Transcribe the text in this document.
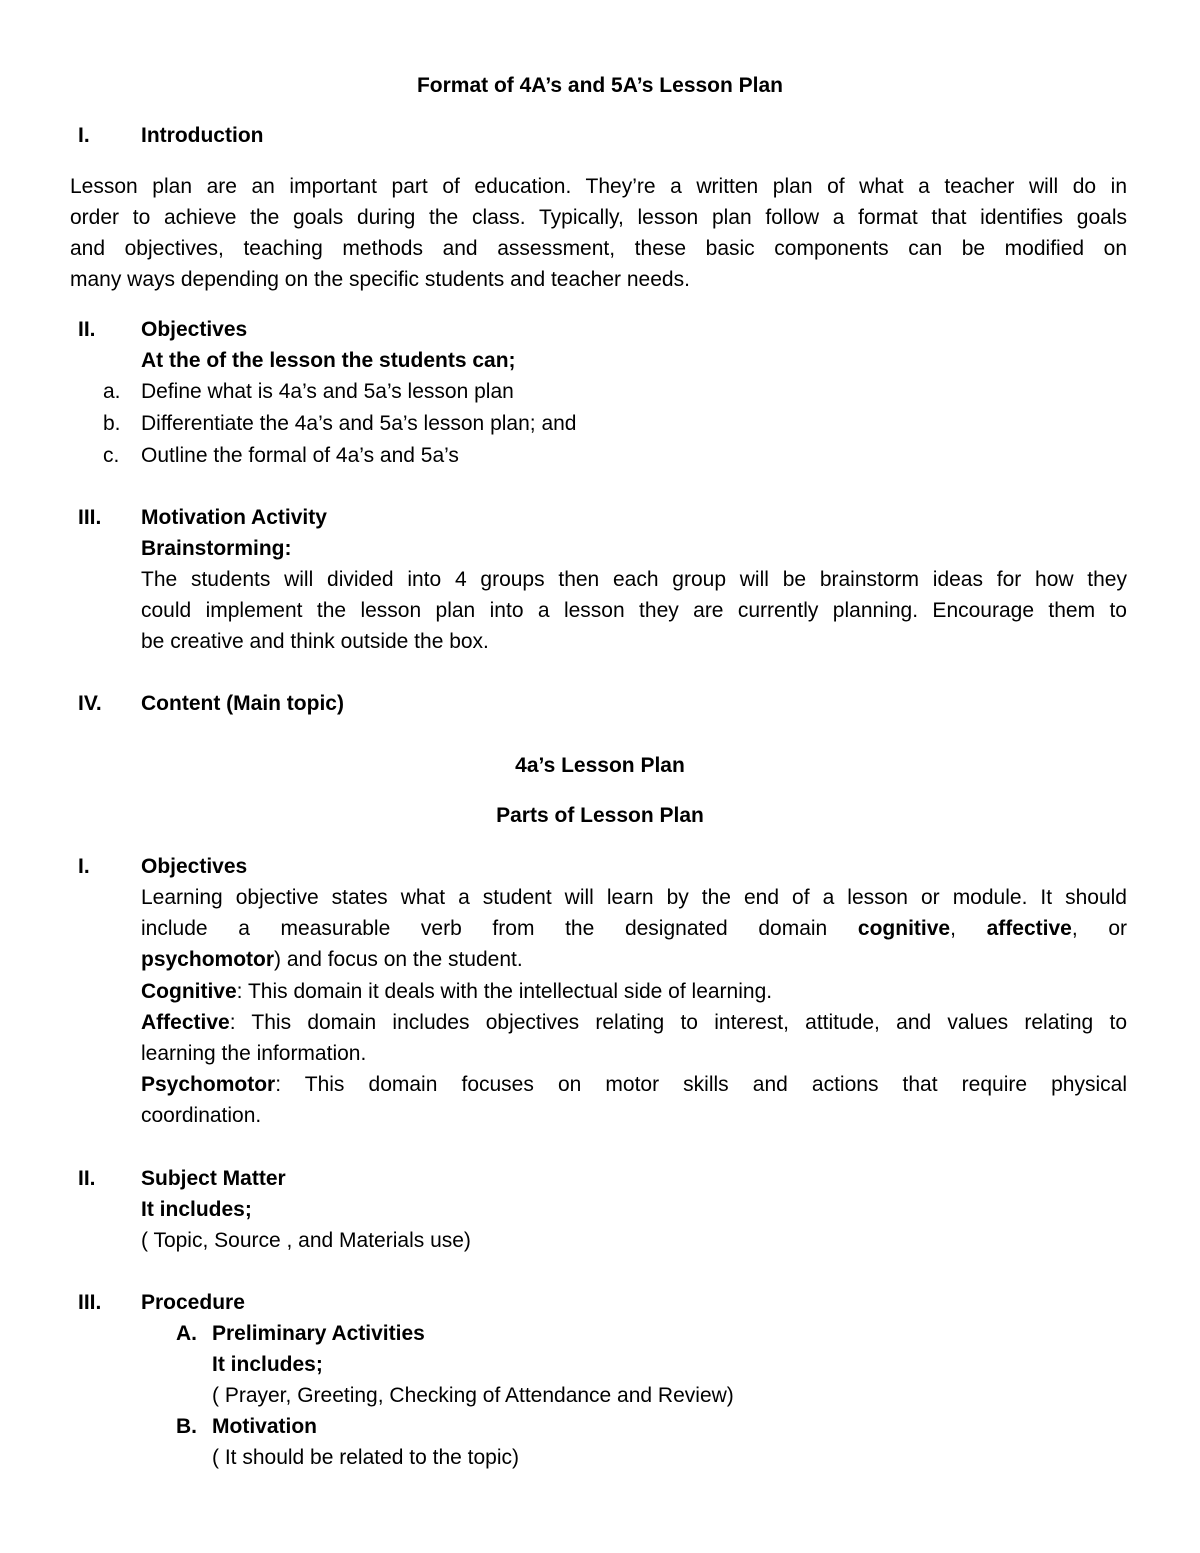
Format of 4A’s and 5A’s Lesson Plan
I.	Introduction
Lesson plan are an important part of education. They’re a written plan of what a teacher will do in
order to achieve the goals during the class. Typically, lesson plan follow a format that identifies goals
and objectives, teaching methods and assessment, these basic components can be modified on
many ways depending on the specific students and teacher needs.
II.	Objectives
At the of the lesson the students can;
a. Define what is 4a’s and 5a’s lesson plan
b. Differentiate the 4a’s and 5a’s lesson plan; and
c.	Outline the formal of 4a’s and 5a’s
III.	Motivation Activity
Brainstorming:
The students will divided into 4 groups then each group will be brainstorm ideas for how they
could implement the lesson plan into a lesson they are currently planning. Encourage them to
be creative and think outside the box.
IV.	Content (Main topic)
4a’s Lesson Plan
Parts of Lesson Plan
I.	Objectives
Learning objective states what a student will learn by the end of a lesson or module. It should
include a measurable verb from the designated domain cognitive, affective, or
psychomotor) and focus on the student.
Cognitive: This domain it deals with the intellectual side of learning.
Affective: This domain includes objectives relating to interest, attitude, and values relating to
learning the information.
Psychomotor: This domain focuses on motor skills and actions that require physical
coordination.
II.	Subject Matter
It includes;
( Topic, Source , and Materials use)
III.	Procedure
A. Preliminary Activities
It includes;
( Prayer, Greeting, Checking of Attendance and Review)
B. Motivation
( It should be related to the topic)
